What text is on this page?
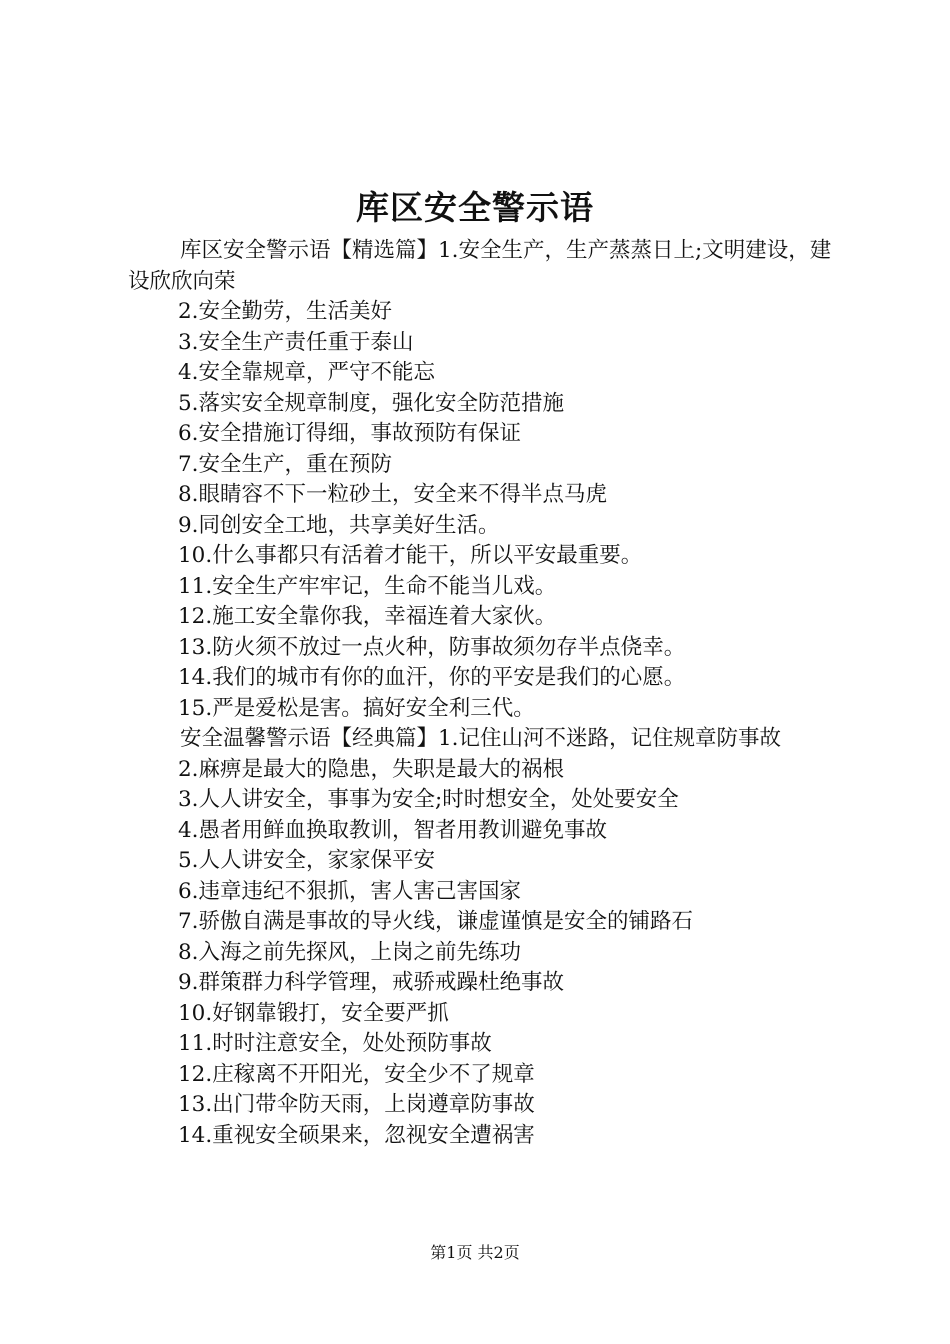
库区安全警示语

库区安全警示语【精选篇】1.安全生产，生产蒸蒸日上;文明建设，建设欣欣向荣

2.安全勤劳，生活美好

3.安全生产责任重于泰山

4.安全靠规章，严守不能忘

5.落实安全规章制度，强化安全防范措施

6.安全措施订得细，事故预防有保证

7.安全生产，重在预防

8.眼睛容不下一粒砂土，安全来不得半点马虎

9.同创安全工地，共享美好生活。

10.什么事都只有活着才能干，所以平安最重要。

11.安全生产牢牢记，生命不能当儿戏。

12.施工安全靠你我，幸福连着大家伙。

13.防火须不放过一点火种，防事故须勿存半点侥幸。

14.我们的城市有你的血汗，你的平安是我们的心愿。

15.严是爱松是害。搞好安全利三代。

安全温馨警示语【经典篇】1.记住山河不迷路，记住规章防事故

2.麻痹是最大的隐患，失职是最大的祸根

3.人人讲安全，事事为安全;时时想安全，处处要安全

4.愚者用鲜血换取教训，智者用教训避免事故

5.人人讲安全，家家保平安

6.违章违纪不狠抓，害人害己害国家

7.骄傲自满是事故的导火线，谦虚谨慎是安全的铺路石

8.入海之前先探风，上岗之前先练功

9.群策群力科学管理，戒骄戒躁杜绝事故

10.好钢靠锻打，安全要严抓

11.时时注意安全，处处预防事故

12.庄稼离不开阳光，安全少不了规章

13.出门带伞防天雨，上岗遵章防事故

14.重视安全硕果来，忽视安全遭祸害

第1页 共2页
